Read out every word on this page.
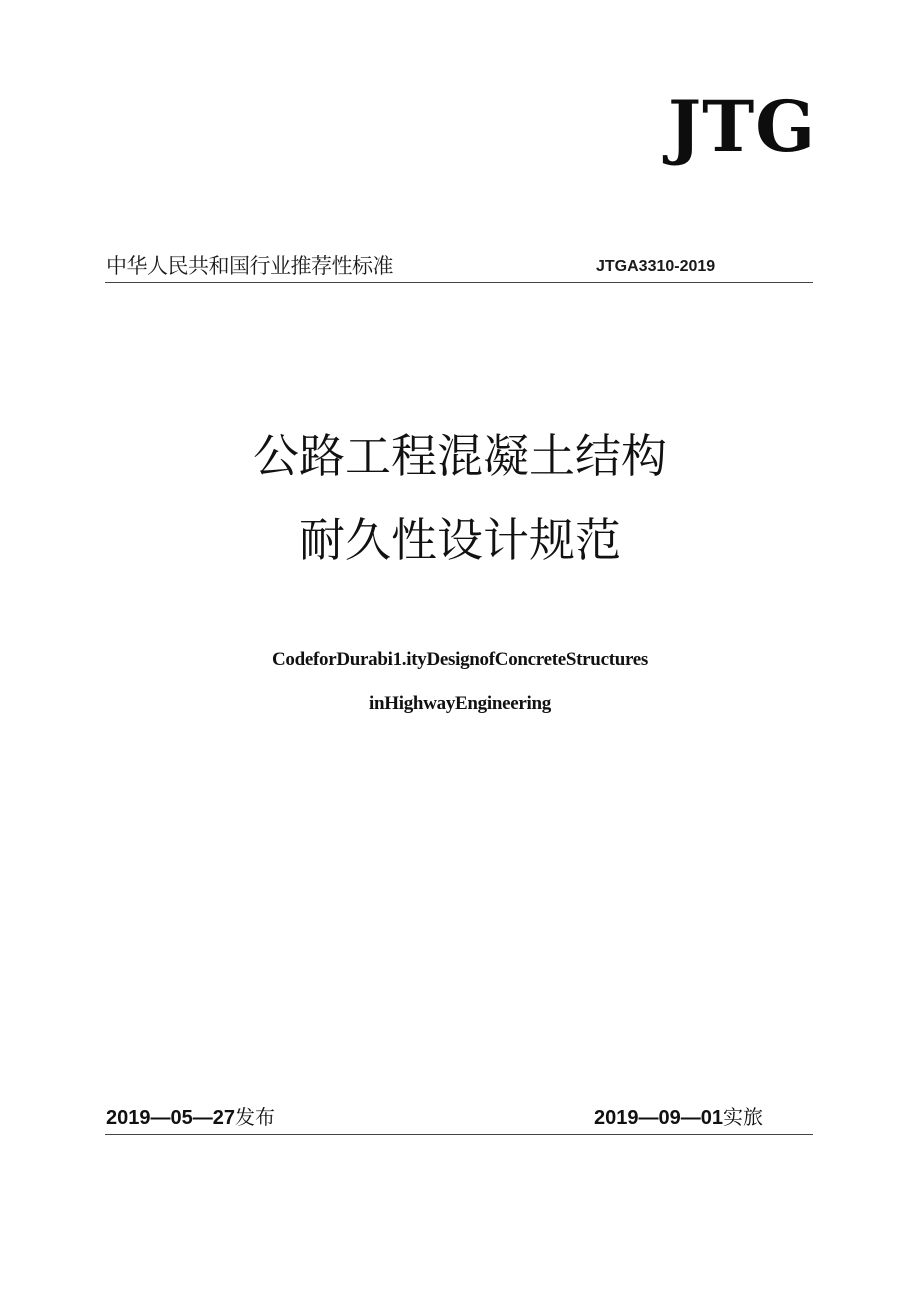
JTG
中华人民共和国行业推荐性标准	JTGA3310-2019
公路工程混凝土结构
耐久性设计规范
CodeforDurabi1.ityDesignofConcreteStructures
inHighwayEngineering
2019—05—27发布	2019—09—01实旅
